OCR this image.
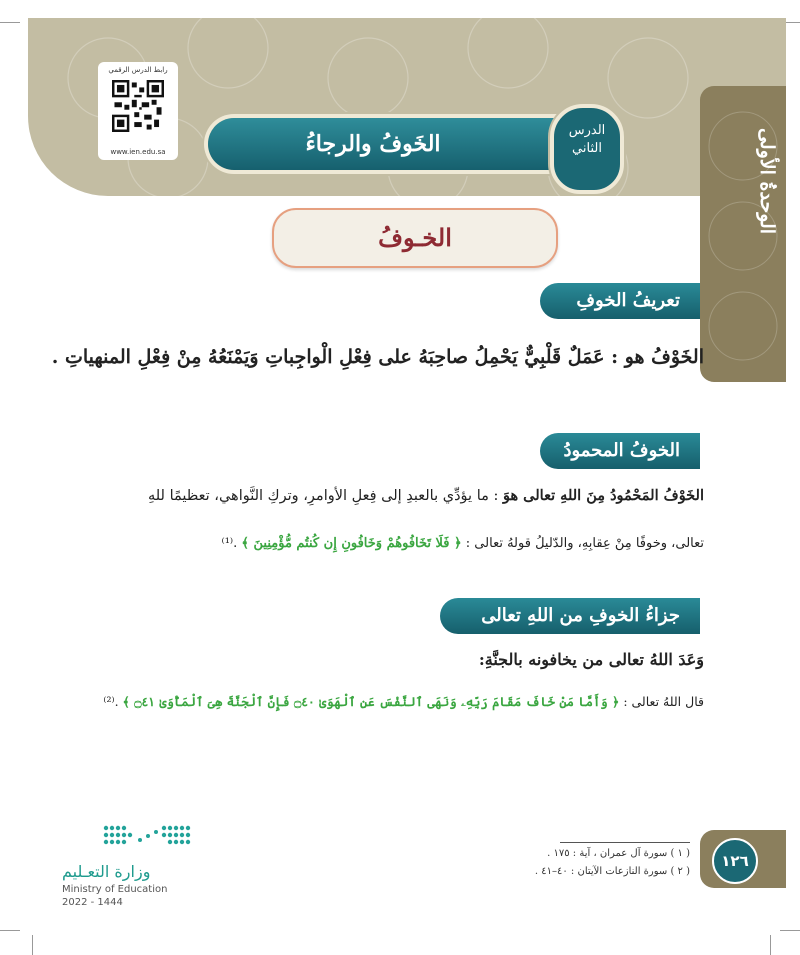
الوحدةُ الأولى
رابط الدرس الرقمي
www.ien.edu.sa	الخَوفُ والرجاءُ
الدرس الثاني
الخـوفُ
تعريفُ الخوفِ
الخَوْفُ هو : عَمَلٌ قَلْبِيٌّ يَحْمِلُ صاحِبَهُ على فِعْلِ الْواجِباتِ وَيَمْنَعُهُ مِنْ فِعْلِ المنهياتِ .
الخوفُ المحمودُ
الخَوْفُ المَحْمُودُ مِنَ اللهِ تعالى هوَ : ما يؤدِّي بالعبدِ إلى فِعلِ الأوامرِ، وتركِ النَّواهي، تعظيمًا للهِ
تعالى، وخوفًا مِنْ عِقابِهِ، والدّليلُ قولهُ تعالى : ﴿ فَلَا تَخَافُوهُمْ وَخَافُونِ إِن كُنتُم مُّؤْمِنِينَ ﴾ .⁽¹⁾
جزاءُ الخوفِ من اللهِ تعالى
وَعَدَ اللهُ تعالى من يخافونه بالجنَّةِ:
قال اللهُ تعالى : ﴿ وَأَمَّا مَنْ خَافَ مَقَامَ رَبِّهِۦ وَنَهَى ٱلنَّفْسَ عَنِ ٱلْهَوَىٰ ۝٤٠ فَإِنَّ ٱلْجَنَّةَ هِىَ ٱلْمَأْوَىٰ ۝٤١ ﴾ .⁽²⁾
( ١ ) سورة آل عمران ، آية : ١٧٥ .
( ٢ ) سورة النازعات الآيتان : ٤٠–٤١ .
١٢٦
وزارة التعـليم
Ministry of Education
2022 - 1444
